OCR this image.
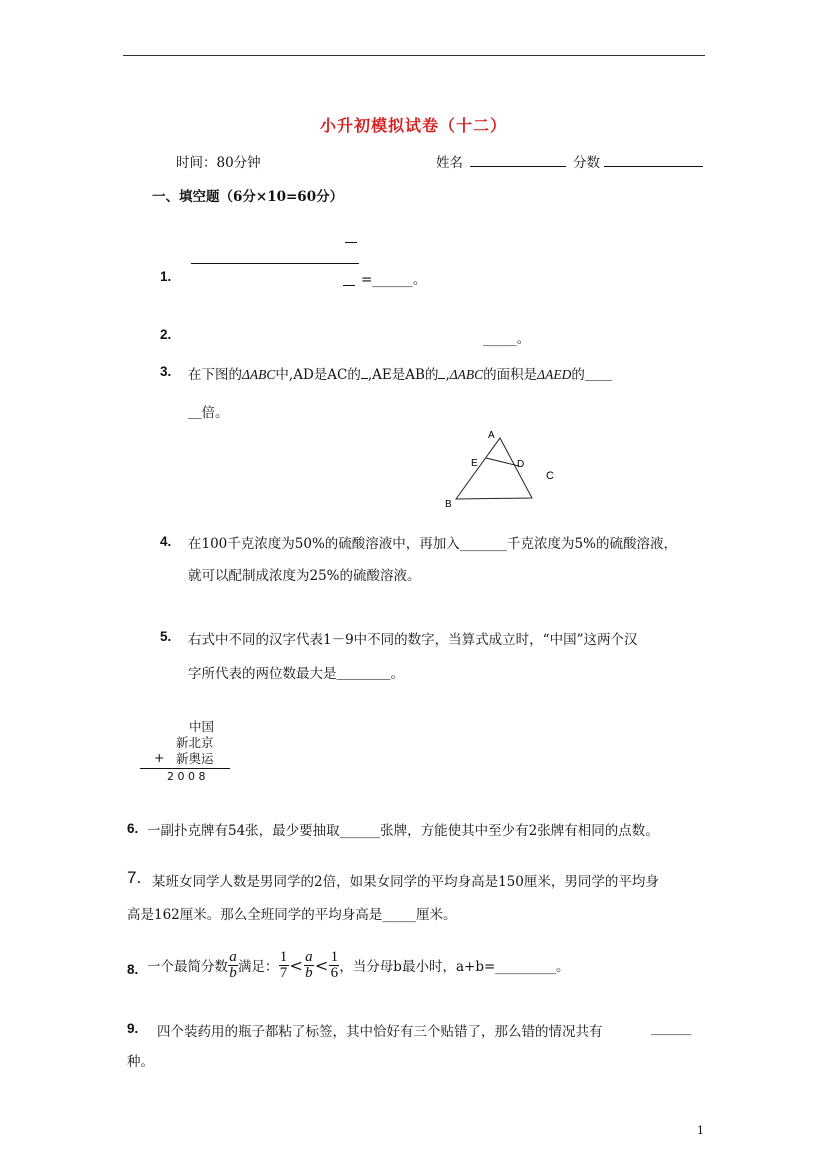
小升初模拟试卷（十二）
时间：80分钟	姓名	分数
一、填空题（6分×10=60分）
1.	=______。
2.	_____。
3. 在下图的ΔABC中,AD是AC的 ,AE是AB的 ,ΔABC的面积是ΔAED的＿＿
＿倍。
A
E	D
C
B
4. 在100千克浓度为50%的硫酸溶液中，再加入_______千克浓度为5%的硫酸溶液，
就可以配制成浓度为25%的硫酸溶液。
5. 右式中不同的汉字代表1－9中不同的数字，当算式成立时，“中国”这两个汉
字所代表的两位数最大是＿＿＿＿。
中国
新北京
+ 新奥运
2 0 0 8
6. 一副扑克牌有54张，最少要抽取______张牌，方能使其中至少有2张牌有相同的点数。
7. 某班女同学人数是男同学的2倍，如果女同学的平均身高是150厘米，男同学的平均身
高是162厘米。那么全班同学的平均身高是_____厘米。
8. 一个最简分数 $\frac{a}{b}$ 满足： $\frac{1}{7} < \frac{a}{b} < \frac{1}{6}$ ，当分母b最小时，a+b=_________。
9. 四个装药用的瓶子都粘了标签，其中恰好有三个贴错了，那么错的情况共有	______
种。
1
